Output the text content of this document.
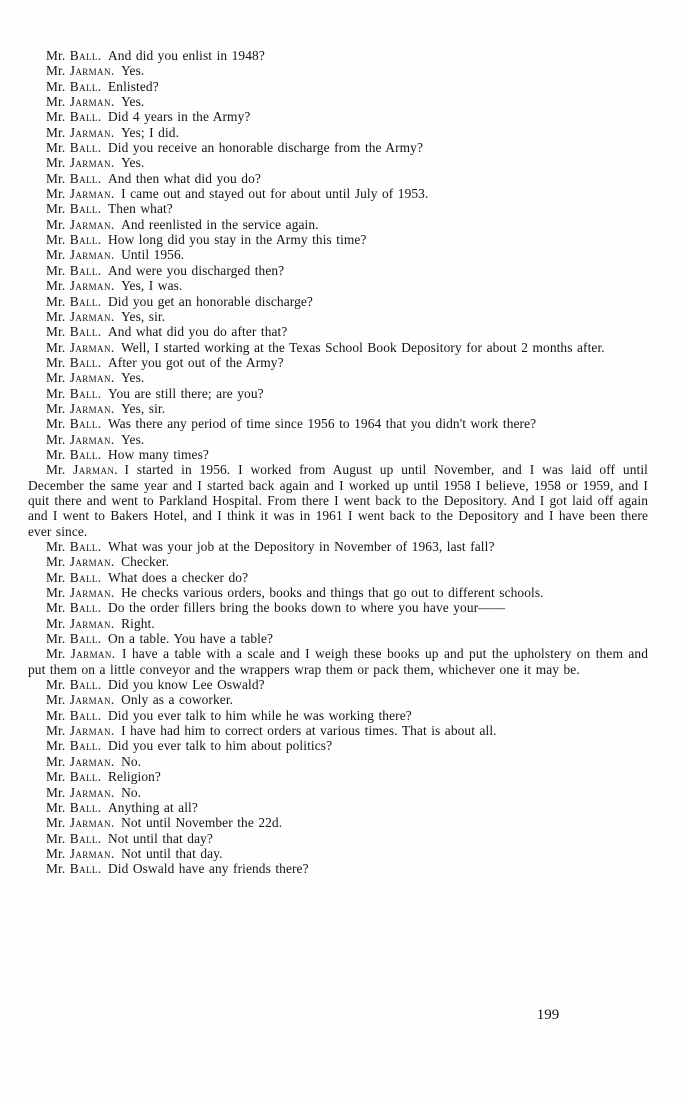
Mr. Ball. And did you enlist in 1948?

Mr. Jarman. Yes.

Mr. Ball. Enlisted?

Mr. Jarman. Yes.

Mr. Ball. Did 4 years in the Army?

Mr. Jarman. Yes; I did.

Mr. Ball. Did you receive an honorable discharge from the Army?

Mr. Jarman. Yes.

Mr. Ball. And then what did you do?

Mr. Jarman. I came out and stayed out for about until July of 1953.

Mr. Ball. Then what?

Mr. Jarman. And reenlisted in the service again.

Mr. Ball. How long did you stay in the Army this time?

Mr. Jarman. Until 1956.

Mr. Ball. And were you discharged then?

Mr. Jarman. Yes, I was.

Mr. Ball. Did you get an honorable discharge?

Mr. Jarman. Yes, sir.

Mr. Ball. And what did you do after that?

Mr. Jarman. Well, I started working at the Texas School Book Depository for about 2 months after.

Mr. Ball. After you got out of the Army?

Mr. Jarman. Yes.

Mr. Ball. You are still there; are you?

Mr. Jarman. Yes, sir.

Mr. Ball. Was there any period of time since 1956 to 1964 that you didn't work there?

Mr. Jarman. Yes.

Mr. Ball. How many times?

Mr. Jarman. I started in 1956. I worked from August up until November, and I was laid off until December the same year and I started back again and I worked up until 1958 I believe, 1958 or 1959, and I quit there and went to Parkland Hospital. From there I went back to the Depository. And I got laid off again and I went to Bakers Hotel, and I think it was in 1961 I went back to the Depository and I have been there ever since.

Mr. Ball. What was your job at the Depository in November of 1963, last fall?

Mr. Jarman. Checker.

Mr. Ball. What does a checker do?

Mr. Jarman. He checks various orders, books and things that go out to different schools.

Mr. Ball. Do the order fillers bring the books down to where you have your——

Mr. Jarman. Right.

Mr. Ball. On a table. You have a table?

Mr. Jarman. I have a table with a scale and I weigh these books up and put the upholstery on them and put them on a little conveyor and the wrappers wrap them or pack them, whichever one it may be.

Mr. Ball. Did you know Lee Oswald?

Mr. Jarman. Only as a coworker.

Mr. Ball. Did you ever talk to him while he was working there?

Mr. Jarman. I have had him to correct orders at various times. That is about all.

Mr. Ball. Did you ever talk to him about politics?

Mr. Jarman. No.

Mr. Ball. Religion?

Mr. Jarman. No.

Mr. Ball. Anything at all?

Mr. Jarman. Not until November the 22d.

Mr. Ball. Not until that day?

Mr. Jarman. Not until that day.

Mr. Ball. Did Oswald have any friends there?

199
